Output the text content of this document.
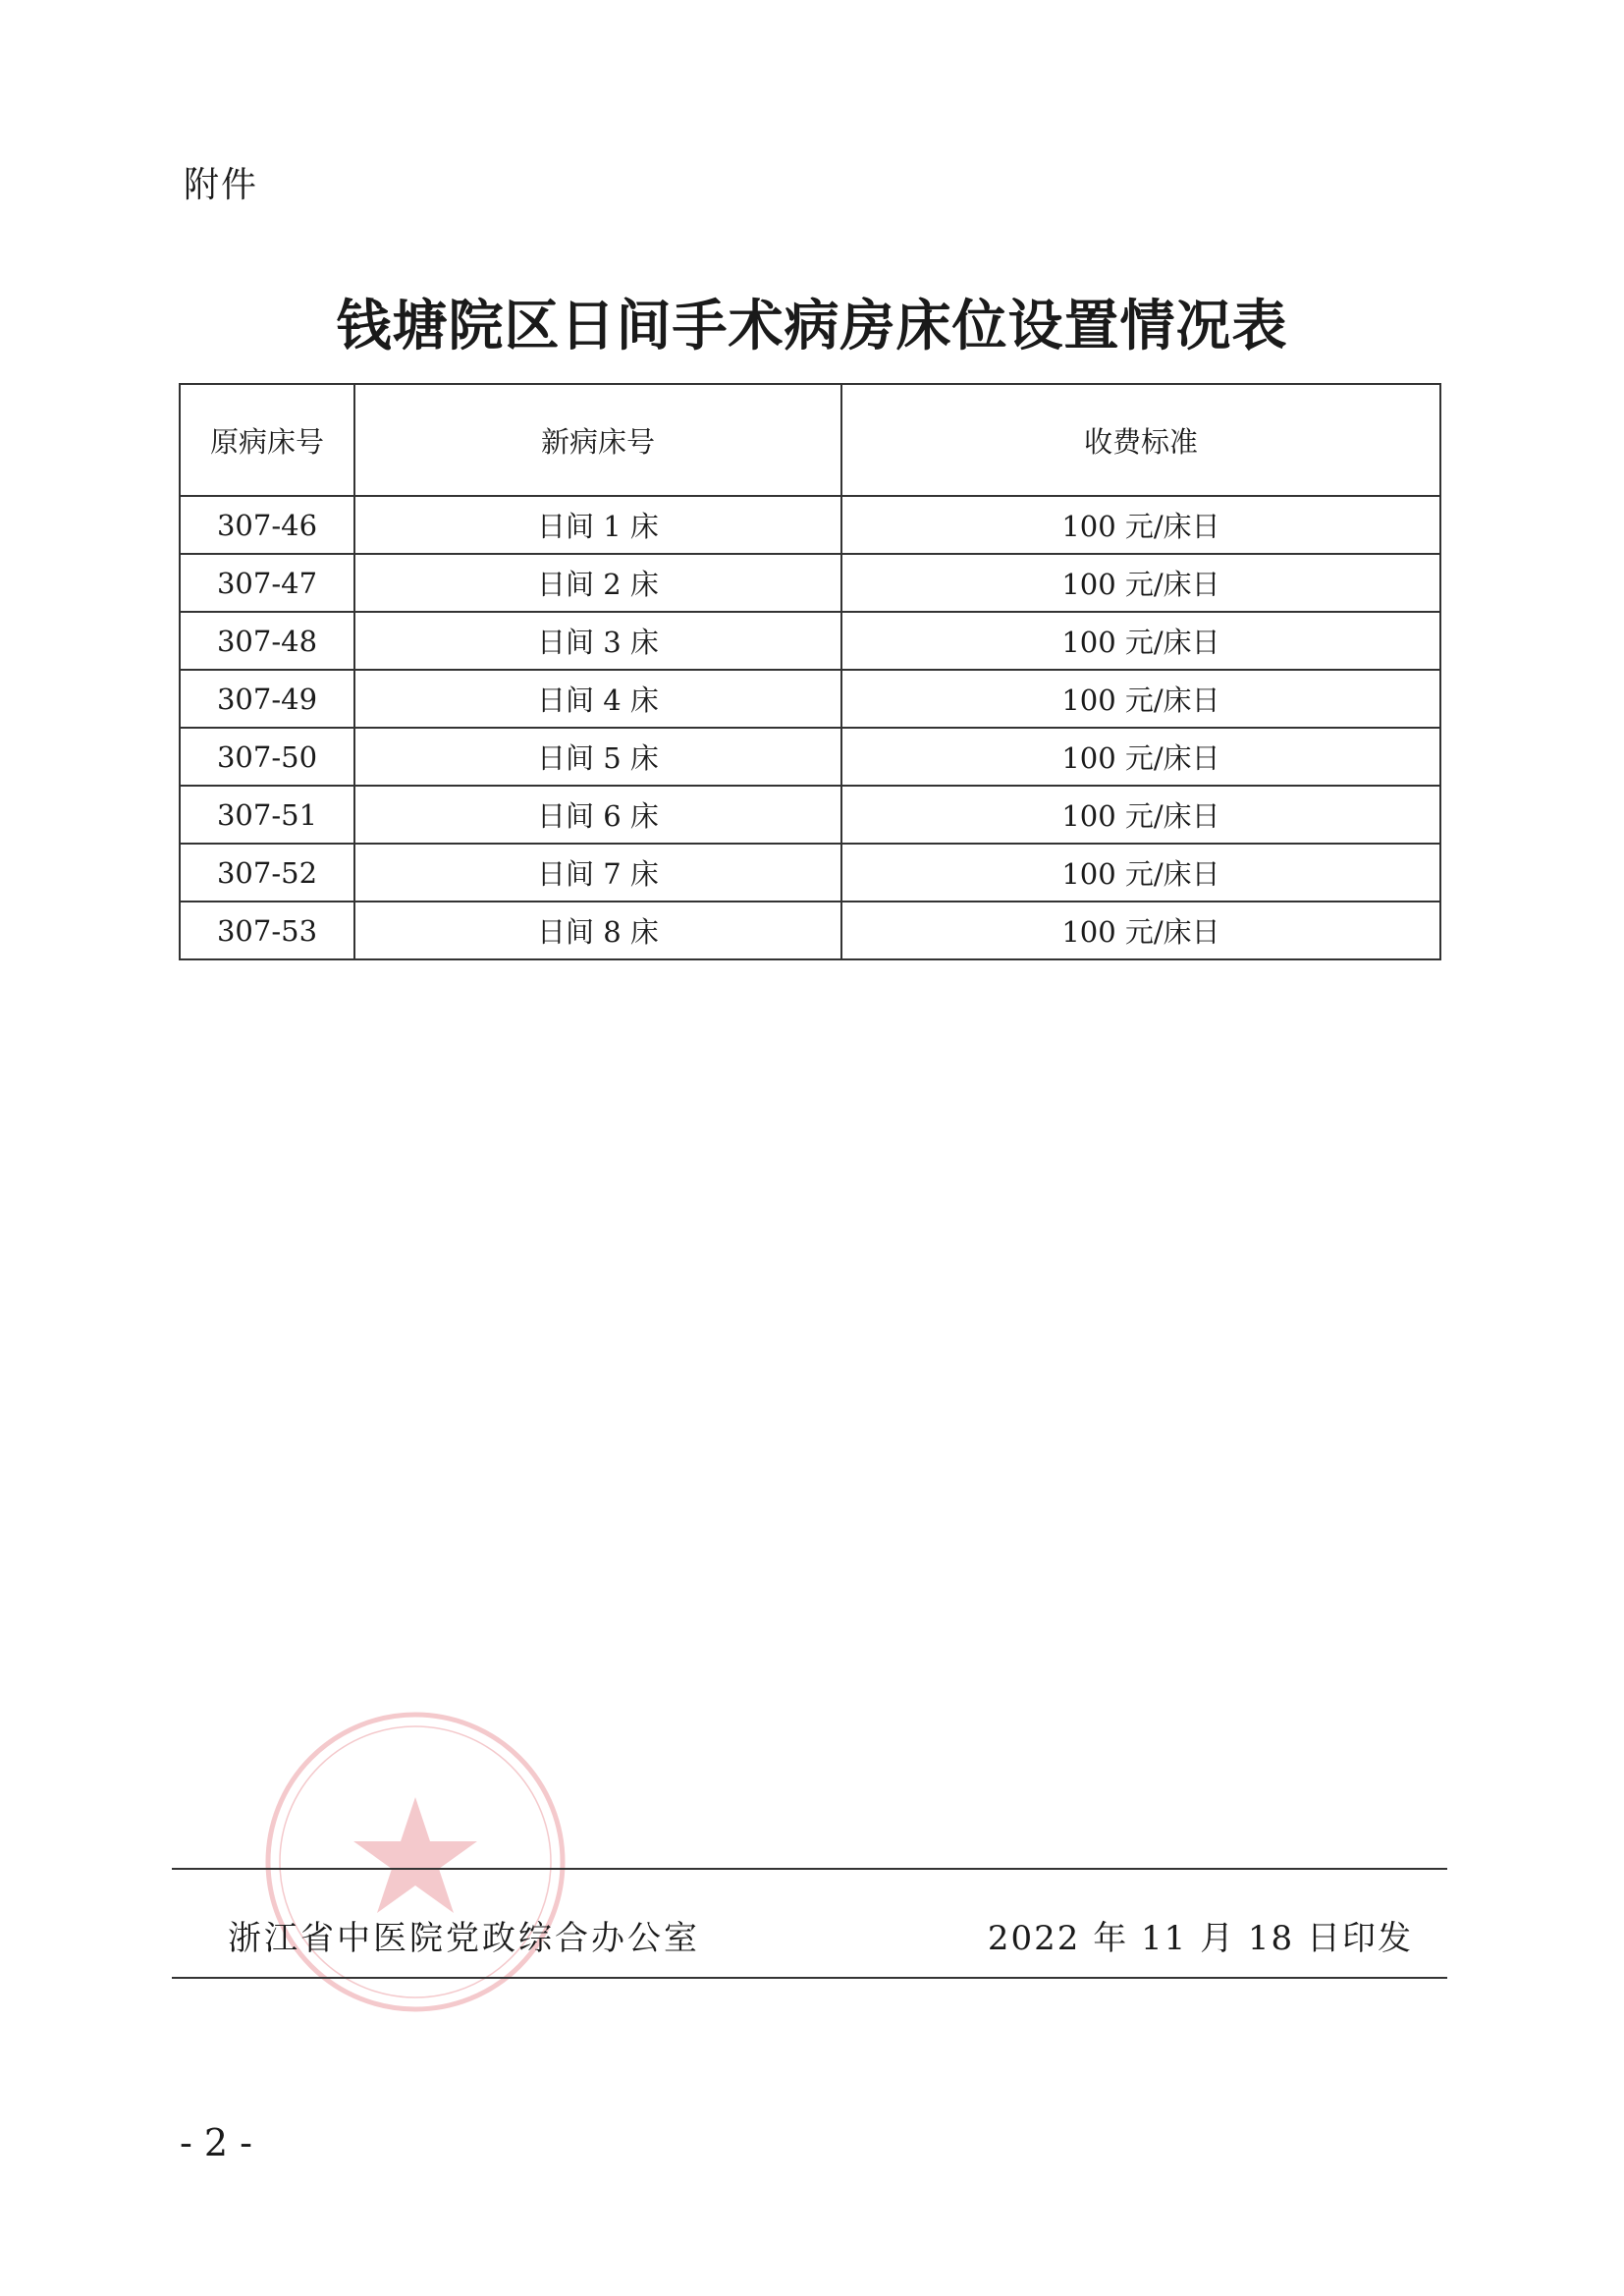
附件
钱塘院区日间手术病房床位设置情况表
原病床号	新病床号	收费标准
307-46	日间 1 床	100 元/床日
307-47	日间 2 床	100 元/床日
307-48	日间 3 床	100 元/床日
307-49	日间 4 床	100 元/床日
307-50	日间 5 床	100 元/床日
307-51	日间 6 床	100 元/床日
307-52	日间 7 床	100 元/床日
307-53	日间 8 床	100 元/床日
浙江省中医院党政综合办公室	2022 年 11 月 18 日印发
- 2 -
